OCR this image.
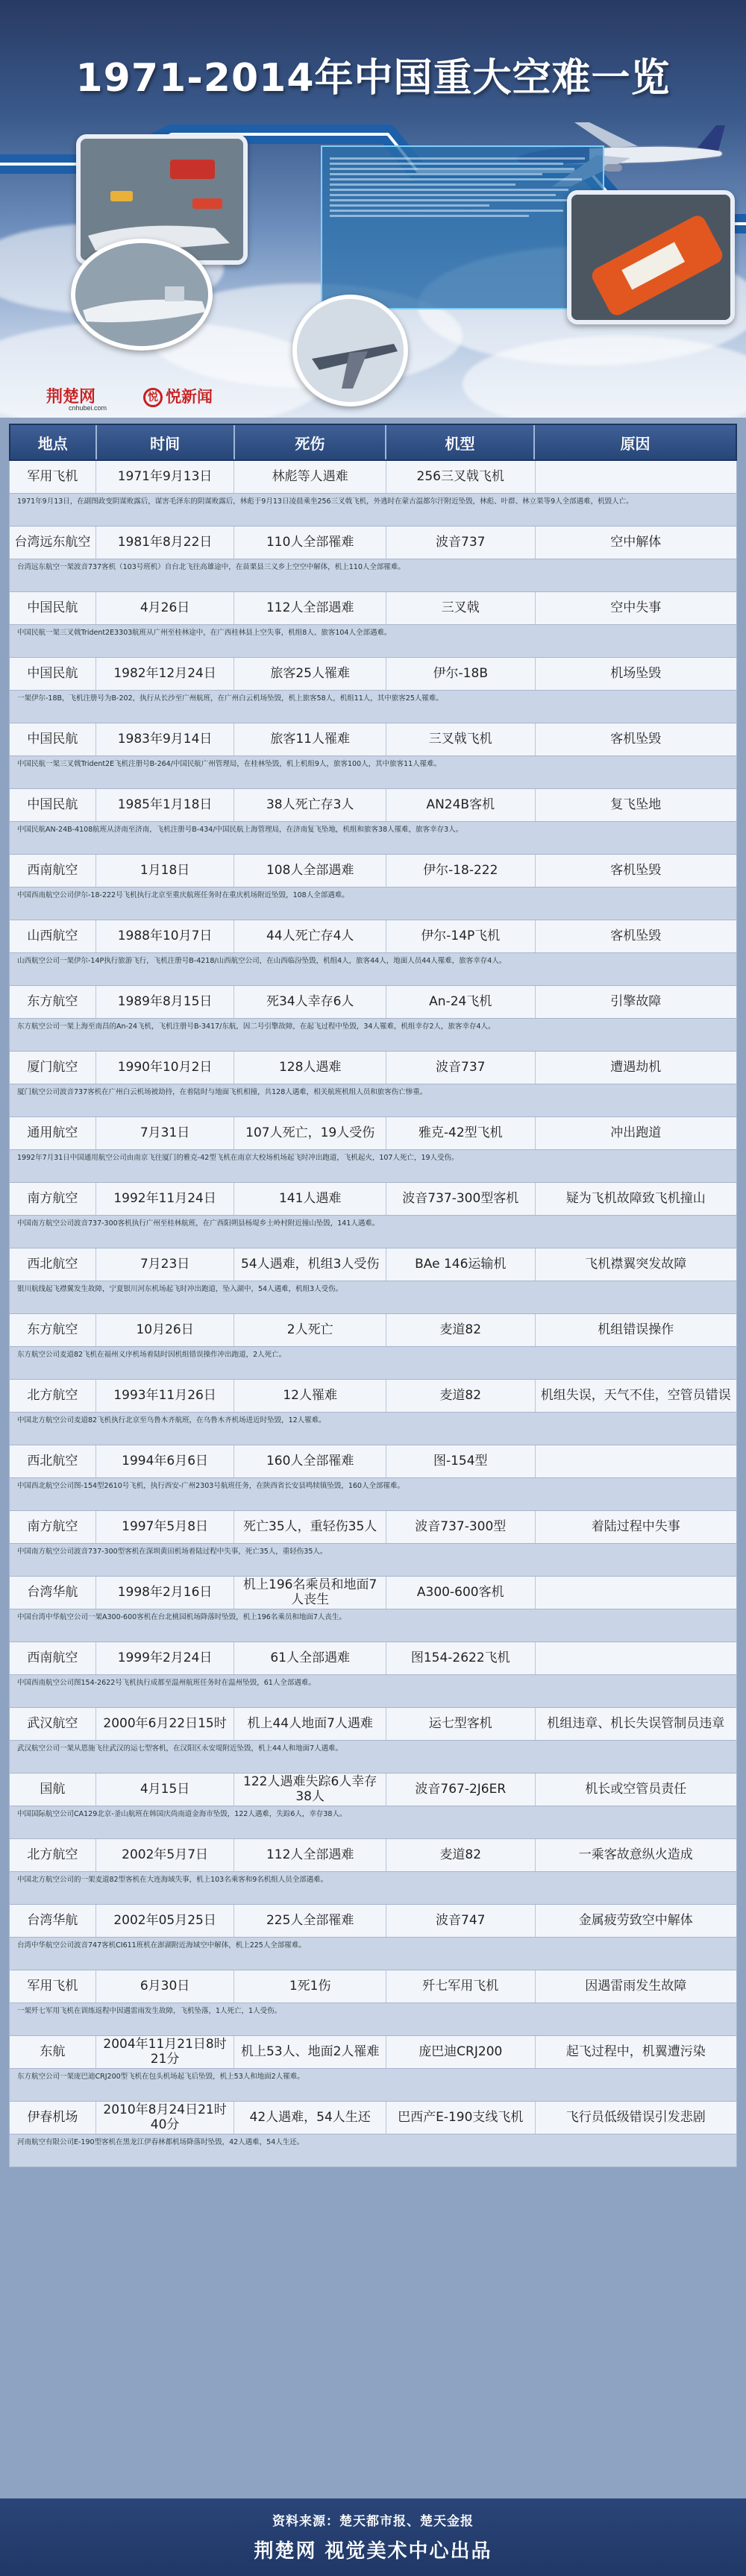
1971-2014年中国重大空难一览
荆楚网
cnhubei.com
悦 悦新闻
地点	时间	死伤	机型	原因
军用飞机	1971年9月13日	林彪等人遇难	256三叉戟飞机
1971年9月13日，在副图政变阴谋败露后，谋害毛泽东的阴谋败露后，林彪于9月13日凌晨乘坐256三叉戟飞机，外逃时在蒙古温都尔汗附近坠毁，林彪、叶群、林立果等9人全部遇难，机毁人亡。
台湾远东航空	1981年8月22日	110人全部罹难	波音737	空中解体
台湾远东航空一架波音737客机（103号班机）自台北飞往高雄途中，在苗栗县三义乡上空空中解体，机上110人全部罹难。
中国民航	4月26日	112人全部遇难	三叉戟	空中失事
中国民航一架三叉戟Trident2E3303航班从广州至桂林途中，在广西桂林县上空失事，机组8人、旅客104人全部遇难。
中国民航	1982年12月24日	旅客25人罹难	伊尔-18B	机场坠毁
一架伊尔-18B，飞机注册号为B-202，执行从长沙至广州航班，在广州白云机场坠毁，机上旅客58人，机组11人，其中旅客25人罹难。
中国民航	1983年9月14日	旅客11人罹难	三叉戟飞机	客机坠毁
中国民航一架三叉戟Trident2E飞机注册号B-264/中国民航广州管理局，在桂林坠毁，机上机组9人，旅客100人，其中旅客11人罹难。
中国民航	1985年1月18日	38人死亡存3人	AN24B客机	复飞坠地
中国民航AN-24B-4108航班从济南至济南，飞机注册号B-434/中国民航上海管理局，在济南复飞坠地，机组和旅客38人罹难，旅客幸存3人。
西南航空	1月18日	108人全部遇难	伊尔-18-222	客机坠毁
中国西南航空公司伊尔-18-222号飞机执行北京至重庆航班任务时在重庆机场附近坠毁，108人全部遇难。
山西航空	1988年10月7日	44人死亡存4人	伊尔-14P飞机	客机坠毁
山西航空公司一架伊尔-14P执行旅游飞行，飞机注册号B-4218/山西航空公司，在山西临汾坠毁，机组4人，旅客44人，地面人员44人罹难，旅客幸存4人。
东方航空	1989年8月15日	死34人幸存6人	An-24飞机	引擎故障
东方航空公司一架上海至南昌的An-24飞机，飞机注册号B-3417/东航，因二号引擎故障，在起飞过程中坠毁，34人罹难，机组幸存2人，旅客幸存4人。
厦门航空	1990年10月2日	128人遇难	波音737	遭遇劫机
厦门航空公司波音737客机在广州白云机场被劫持，在着陆时与地面飞机相撞，共128人遇难，相关航班机组人员和旅客伤亡惨重。
通用航空	7月31日	107人死亡，19人受伤	雅克-42型飞机	冲出跑道
1992年7月31日中国通用航空公司由南京飞往厦门的雅克-42型飞机在南京大校场机场起飞时冲出跑道，飞机起火，107人死亡，19人受伤。
南方航空	1992年11月24日	141人遇难	波音737-300型客机	疑为飞机故障致飞机撞山
中国南方航空公司波音737-300客机执行广州至桂林航班，在广西阳朔县杨堤乡土岭村附近撞山坠毁，141人遇难。
西北航空	7月23日	54人遇难，机组3人受伤	BAe 146运输机	飞机襟翼突发故障
银川航线起飞襟翼发生故障，宁夏银川河东机场起飞时冲出跑道，坠入湖中，54人遇难，机组3人受伤。
东方航空	10月26日	2人死亡	麦道82	机组错误操作
东方航空公司麦道82飞机在福州义序机场着陆时因机组错误操作冲出跑道，2人死亡。
北方航空	1993年11月26日	12人罹难	麦道82	机组失误，天气不佳，空管员错误
中国北方航空公司麦道82飞机执行北京至乌鲁木齐航班，在乌鲁木齐机场进近时坠毁，12人罹难。
西北航空	1994年6月6日	160人全部罹难	图-154型
中国西北航空公司图-154型2610号飞机，执行西安-广州2303号航班任务，在陕西省长安县鸣犊镇坠毁，160人全部罹难。
南方航空	1997年5月8日	死亡35人，重轻伤35人	波音737-300型	着陆过程中失事
中国南方航空公司波音737-300型客机在深圳黄田机场着陆过程中失事，死亡35人，重轻伤35人。
台湾华航	1998年2月16日	机上196名乘员和地面7人丧生	A300-600客机
中国台湾中华航空公司一架A300-600客机在台北桃园机场降落时坠毁，机上196名乘员和地面7人丧生。
西南航空	1999年2月24日	61人全部遇难	图154-2622飞机
中国西南航空公司图154-2622号飞机执行成都至温州航班任务时在温州坠毁，61人全部遇难。
武汉航空	2000年6月22日15时	机上44人地面7人遇难	运七型客机	机组违章、机长失误管制员违章
武汉航空公司一架从恩施飞往武汉的运七型客机，在汉阳区永安堤附近坠毁，机上44人和地面7人遇难。
国航	4月15日	122人遇难失踪6人幸存38人	波音767-2J6ER	机长或空管员责任
中国国际航空公司CA129北京-釜山航班在韩国庆尚南道金海市坠毁，122人遇难，失踪6人，幸存38人。
北方航空	2002年5月7日	112人全部遇难	麦道82	一乘客故意纵火造成
中国北方航空公司的一架麦道82型客机在大连海域失事，机上103名乘客和9名机组人员全部遇难。
台湾华航	2002年05月25日	225人全部罹难	波音747	金属疲劳致空中解体
台湾中华航空公司波音747客机CI611班机在澎湖附近海域空中解体，机上225人全部罹难。
军用飞机	6月30日	1死1伤	歼七军用飞机	因遇雷雨发生故障
一架歼七军用飞机在训练返程中因遇雷雨发生故障，飞机坠落，1人死亡，1人受伤。
东航	2004年11月21日8时21分	机上53人、地面2人罹难	庞巴迪CRJ200	起飞过程中，机翼遭污染
东方航空公司一架庞巴迪CRJ200型飞机在包头机场起飞后坠毁，机上53人和地面2人罹难。
伊春机场	2010年8月24日21时40分	42人遇难，54人生还	巴西产E-190支线飞机	飞行员低级错误引发悲剧
河南航空有限公司E-190型客机在黑龙江伊春林都机场降落时坠毁，42人遇难，54人生还。
资料来源：楚天都市报、楚天金报
荆楚网 视觉美术中心出品
